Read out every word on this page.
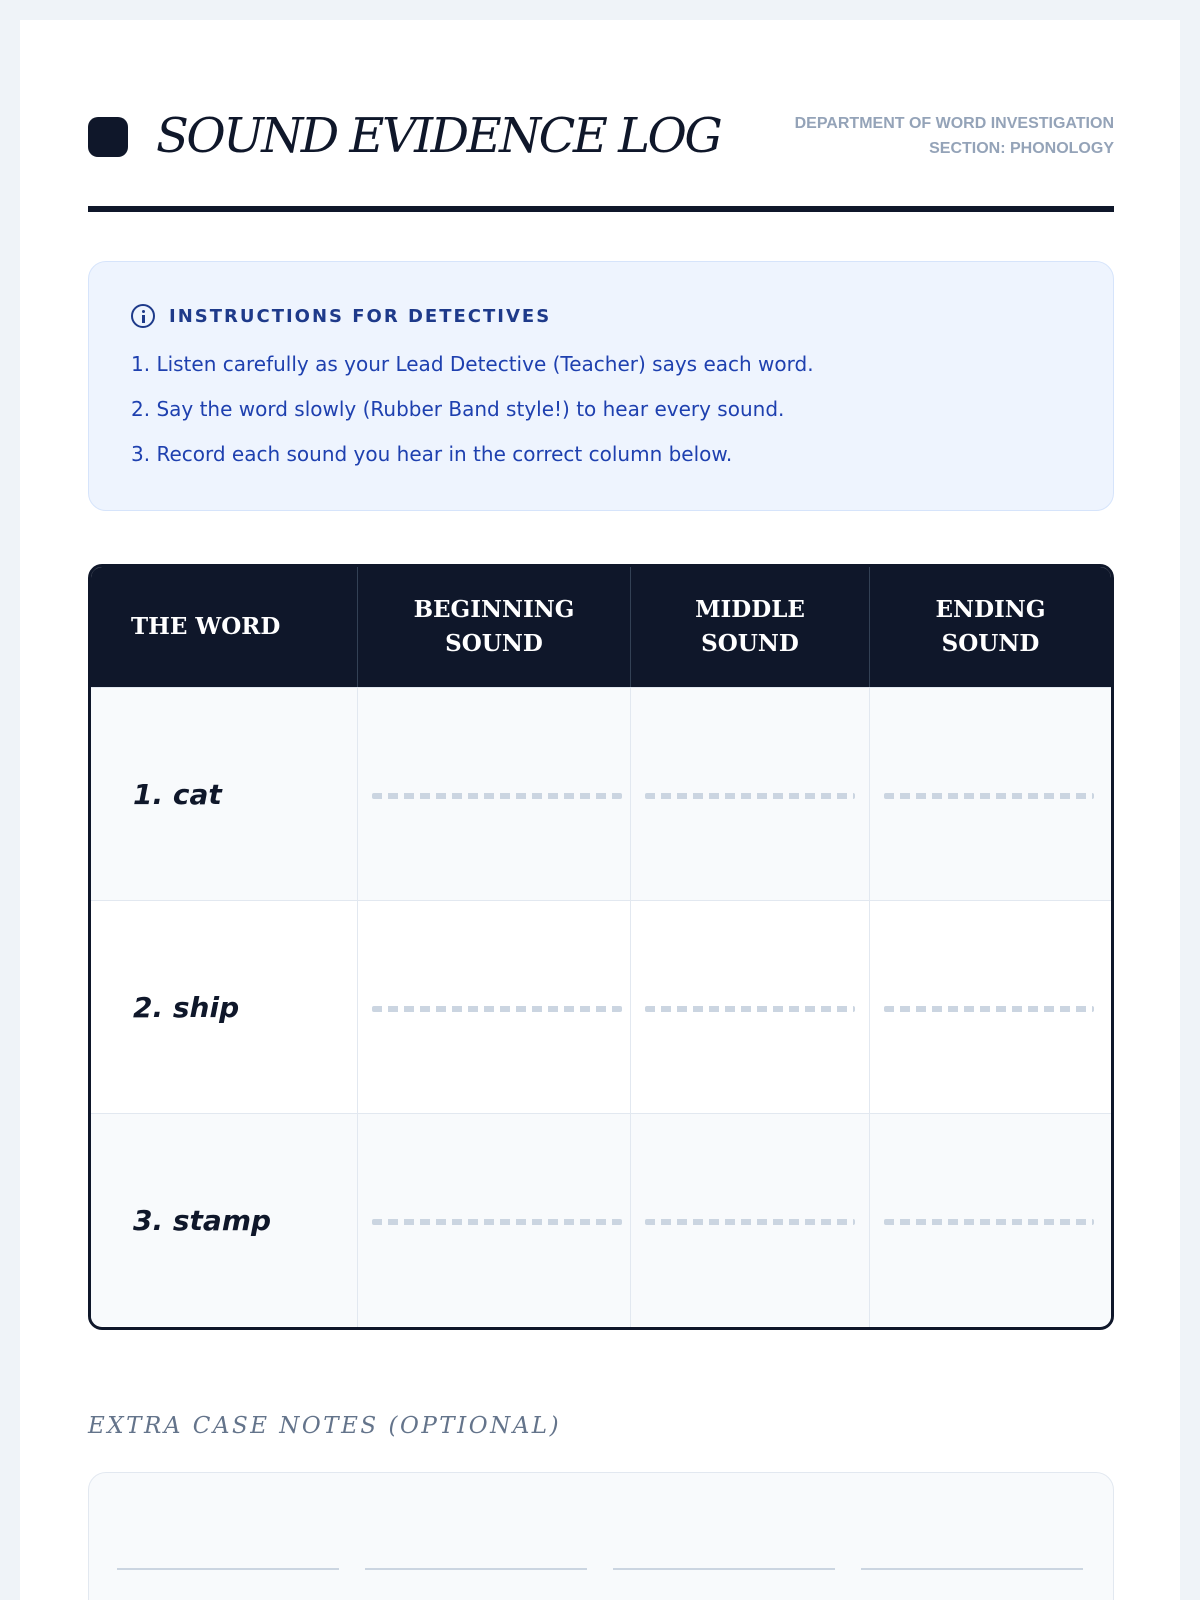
SOUND EVIDENCE LOG	DEPARTMENT OF WORD INVESTIGATION
SECTION: PHONOLOGY
INSTRUCTIONS FOR DETECTIVES
1. Listen carefully as your Lead Detective (Teacher) says each word.
2. Say the word slowly (Rubber Band style!) to hear every sound.
3. Record each sound you hear in the correct column below.
THE WORD
BEGINNING
SOUND
MIDDLE
SOUND
ENDING
SOUND
1. cat
2. ship
3. stamp
EXTRA CASE NOTES (OPTIONAL)
